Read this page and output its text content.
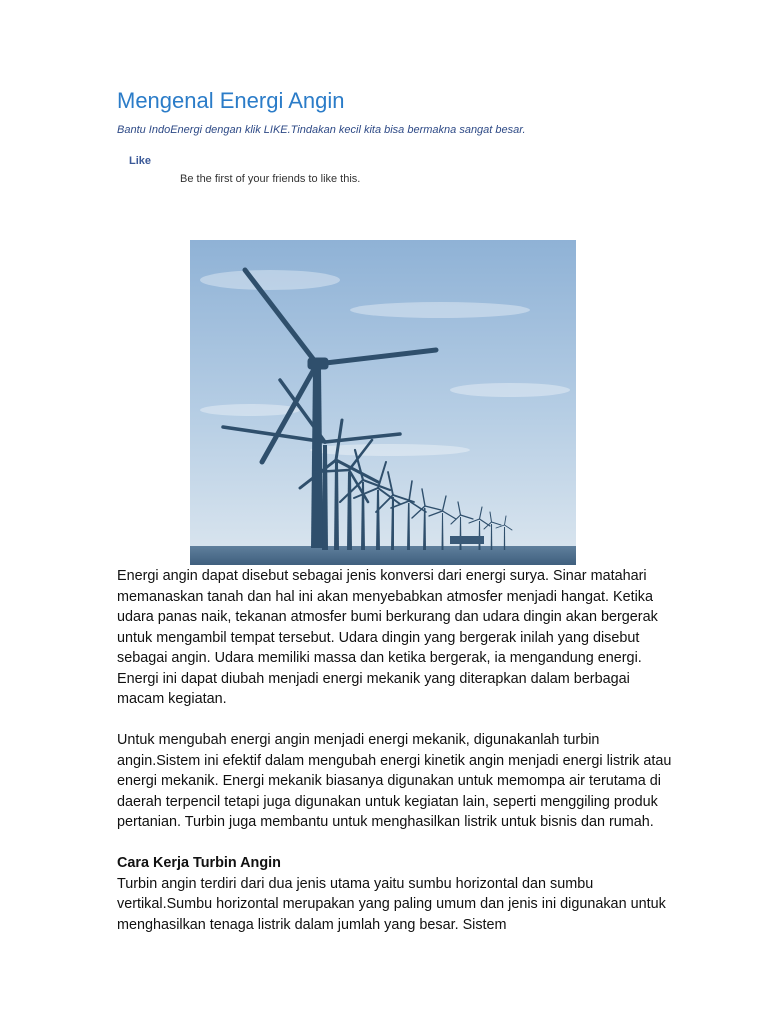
Mengenal Energi Angin
Bantu IndoEnergi dengan klik LIKE.Tindakan kecil kita bisa bermakna sangat besar.
Like
Be the first of your friends to like this.

Energi angin dapat disebut sebagai jenis konversi dari energi surya. Sinar matahari memanaskan tanah dan hal ini akan menyebabkan atmosfer menjadi hangat. Ketika udara panas naik, tekanan atmosfer bumi berkurang dan udara dingin akan bergerak untuk mengambil tempat tersebut. Udara dingin yang bergerak inilah yang disebut sebagai angin. Udara memiliki massa dan ketika bergerak, ia mengandung energi. Energi ini dapat diubah menjadi energi mekanik yang diterapkan dalam berbagai macam kegiatan.

Untuk mengubah energi angin menjadi energi mekanik, digunakanlah turbin angin.Sistem ini efektif dalam mengubah energi kinetik angin menjadi energi listrik atau energi mekanik. Energi mekanik biasanya digunakan untuk memompa air terutama di daerah terpencil tetapi juga digunakan untuk kegiatan lain, seperti menggiling produk pertanian. Turbin juga membantu untuk menghasilkan listrik untuk bisnis dan rumah.

Cara Kerja Turbin Angin

Turbin angin terdiri dari dua jenis utama yaitu sumbu horizontal dan sumbu vertikal.Sumbu horizontal merupakan yang paling umum dan jenis ini digunakan untuk menghasilkan tenaga listrik dalam jumlah yang besar. Sistem
